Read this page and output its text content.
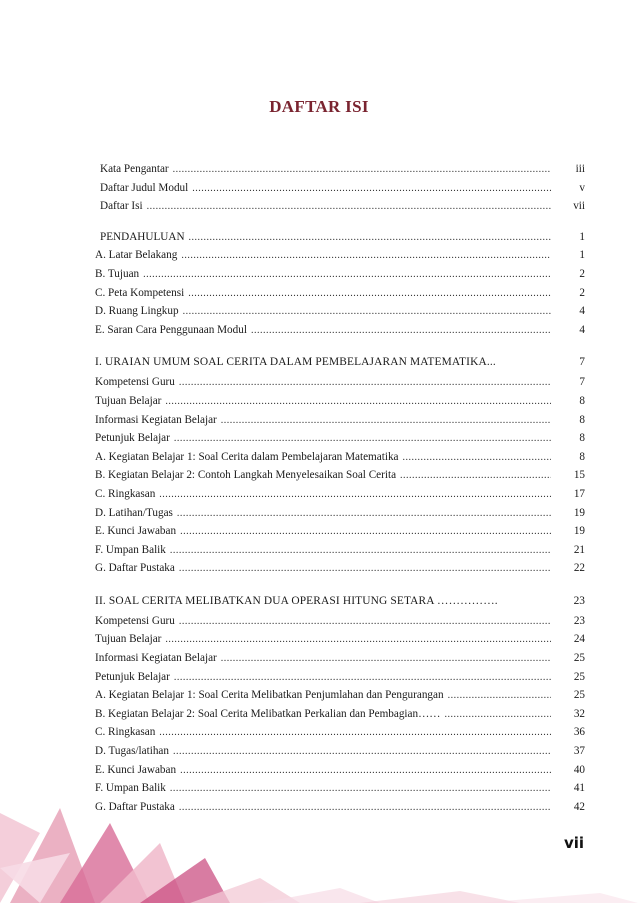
DAFTAR ISI
Kata Pengantar .....	iii
Daftar Judul Modul .....	v
Daftar Isi .....	vii
PENDAHULUAN .....	1
A. Latar Belakang .....	1
B. Tujuan .....	2
C. Peta Kompetensi .....	2
D. Ruang Lingkup .....	4
E. Saran Cara Penggunaan Modul .....	4
I. URAIAN UMUM SOAL CERITA DALAM PEMBELAJARAN MATEMATIKA...	7
Kompetensi Guru .....	7
Tujuan Belajar .....	8
Informasi Kegiatan Belajar .....	8
Petunjuk Belajar .....	8
A. Kegiatan Belajar 1: Soal Cerita dalam Pembelajaran Matematika .....	8
B. Kegiatan Belajar 2: Contoh Langkah Menyelesaikan Soal Cerita .....	15
C. Ringkasan .....	17
D. Latihan/Tugas .....	19
E. Kunci Jawaban .....	19
F. Umpan Balik .....	21
G. Daftar Pustaka .....	22
II. SOAL CERITA MELIBATKAN DUA OPERASI HITUNG SETARA …………….	23
Kompetensi Guru .....	23
Tujuan Belajar .....	24
Informasi Kegiatan Belajar .....	25
Petunjuk Belajar .....	25
A. Kegiatan Belajar 1: Soal Cerita Melibatkan Penjumlahan dan Pengurangan .....	25
B. Kegiatan Belajar 2: Soal Cerita Melibatkan Perkalian dan Pembagian…… .....	32
C. Ringkasan .....	36
D. Tugas/latihan .....	37
E. Kunci Jawaban .....	40
F. Umpan Balik .....	41
G. Daftar Pustaka .....	42
vii
